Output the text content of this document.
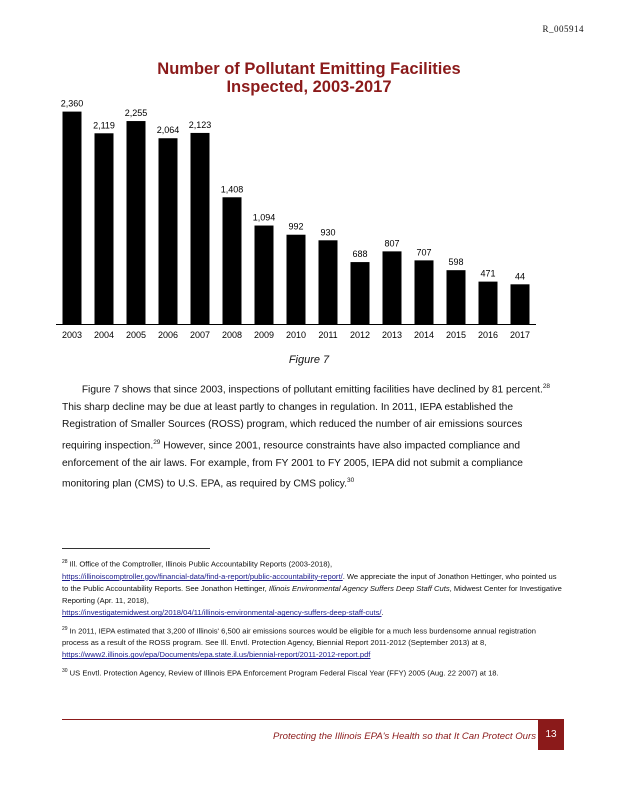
R_005914
Number of Pollutant Emitting Facilities
Inspected, 2003-2017
2,360
2003
2,119
2004
2,255
2005
2,064
2006
2,123
2007
1,408
2008
1,094
2009
992
2010
930
2011
688
2012
807
2013
707
2014
598
2015
471
2016
44
2017
Figure 7

Figure 7 shows that since 2003, inspections of pollutant emitting facilities have declined by 81 percent.$^{28}$ This sharp decline may be due at least partly to changes in regulation. In 2011, IEPA established the Registration of Smaller Sources (ROSS) program, which reduced the number of air emissions sources requiring inspection.$^{29}$ However, since 2001, resource constraints have also impacted compliance and enforcement of the air laws. For example, from FY 2001 to FY 2005, IEPA did not submit a compliance monitoring plan (CMS) to U.S. EPA, as required by CMS policy.$^{30}$

$^{28}$ Ill. Office of the Comptroller, Illinois Public Accountability Reports (2003-2018),
https://illinoiscomptroller.gov/financial-data/find-a-report/public-accountability-report/. We appreciate the input of Jonathon Hettinger, who pointed us to the Public Accountability Reports. See Jonathon Hettinger, Illinois Environmental Agency Suffers Deep Staff Cuts, Midwest Center for Investigative Reporting (Apr. 11, 2018),
https://investigatemidwest.org/2018/04/11/illinois-environmental-agency-suffers-deep-staff-cuts/.

$^{29}$ In 2011, IEPA estimated that 3,200 of Illinois' 6,500 air emissions sources would be eligible for a much less burdensome annual registration process as a result of the ROSS program. See Ill. Envtl. Protection Agency, Biennial Report 2011-2012 (September 2013) at 8, https://www2.illinois.gov/epa/Documents/epa.state.il.us/biennial-report/2011-2012-report.pdf

$^{30}$ US Envtl. Protection Agency, Review of Illinois EPA Enforcement Program Federal Fiscal Year (FFY) 2005 (Aug. 22 2007) at 18.

Protecting the Illinois EPA's Health so that It Can Protect Ours 13
